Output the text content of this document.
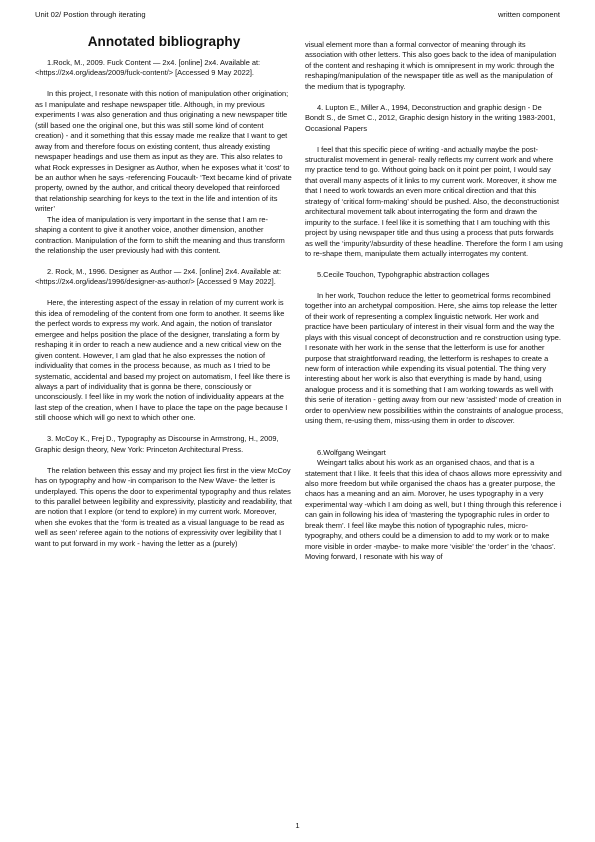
Unit 02/ Postion through iterating	written component
Annotated bibliography

1.Rock, M., 2009. Fuck Content — 2x4. [online] 2x4. Available at: <https://2x4.org/ideas/2009/fuck-content/> [Accessed 9 May 2022].

In this project, I resonate with this notion of manipulation other origination; as I manipulate and reshape newspaper title. Although, in my previous experiments I was also generation and thus originating a new newspaper title (still based one the original one, but this was still some kind of content creation) - and it something that this essay made me realize that I want to get away from and therefore focus on existing content, thus already existing newspaper headings and use them as input as they are. This also relates to what Rock expresses in Designer as Author, when he exposes what it ‘cost’ to be an author when he says -referencing Foucault- ‘Text became kind of private property, owned by the author, and critical theory developed that reinforced that relationship searching for keys to the text in the life and intention of its writer’

The idea of manipulation is very important in the sense that I am re-shaping a content to give it another voice, another dimension, another contraction. Manipulation of the form to shift the meaning and thus transform the relationship the user previously had with this content.

2. Rock, M., 1996. Designer as Author — 2x4. [online] 2x4. Available at: <https://2x4.org/ideas/1996/designer-as-author/> [Accessed 9 May 2022].

Here, the interesting aspect of the essay in relation of my current work is this idea of remodeling of the content from one form to another. It seems like the perfect words to express my work. And again, the notion of translator emergee and helps position the place of the designer, translating a form by reshaping it in order to reach a new audience and a new critical view on the given content. However, I am glad that he also expresses the notion of individuality that comes in the process because, as much as I tried to be systematic, accidental and based my project on automatism, I feel like there is always a part of individuality that is gonna be there, consciously or unconsciously. I feel like in my work the notion of individuality appears at the last step of the creation, when I have to place the tape on the page because I still choose which will go next to which other one.

3. McCoy K., Frej D., Typography as Discourse in Armstrong, H., 2009, Graphic design theory, New York: Princeton Architectural Press.

The relation between this essay and my project lies first in the view McCoy has on typography and how -in comparison to the New Wave- the letter is underplayed. This opens the door to experimental typography and thus relates to this parallel between legibility and expressivity, plasticity and readability, that are notion that I explore (or tend to explore) in my current work. Moreover, when she evokes that the ‘form is treated as a visual language to be read as well as seen’ referee again to the notions of expressivity over legibility that I want to put forward in my work - having the letter as a (purely)

visual element more than a formal convector of meaning through its association with other letters. This also goes back to the idea of manipulation of the content and reshaping it which is omnipresent in my work: through the reshaping/manipulation of the newspaper title as well as the manipulation of the medium that is typography.

4. Lupton E., Miller A., 1994, Deconstruction and graphic design - De Bondt S., de Smet C., 2012, Graphic design history in the writing 1983-2001, Occasional Papers

I feel that this specific piece of writing -and actually maybe the post-structuralist movement in general- really reflects my current work and where my practice tend to go. Without going back on it point per point, I would say that overall many aspects of it links to my current work. Moreover, it show me that I need to work towards an even more critical direction and that this strategy of ‘critical form-making’ should be pushed. Also, the deconstructionist architectural movement talk about interrogating the form and drawn the impurity to the surface. I feel like it is something that I am touching with this project by using newspaper title and thus using a process that puts forwards as well the ‘impurity’/absurdity of these headline. Therefore the form I am using to re-shape them, manipulate them actually interrogates my content.

5.Cecile Touchon, Typohgraphic abstraction collages

In her work, Touchon reduce the letter to geometrical forms recombined together into an archetypal composition. Here, she aims top release the letter of their work of representing a complex linguistic network. Her work and practice have been particulary of interest in their visual form and the way the plays with this visual concept of deconstruction and re construction using type. I resonate with her work in the sense that the letterform is use for another purpose that straightforward reading, the letterform is reshapes to create a new form of interaction while expending its visual potential. The thing very interesting about her work is also that everything is made by hand, using analogue process and it is something that I am working towards as well with this serie of iteration - getting away from our new ‘assisted’ mode of creation in order to open/view new possibilities within the constraints of analogue process, using them, re-using them, miss-using them in order to discover.

6.Wolfgang Weingart

Weingart talks about his work as an organised chaos, and that is a statement that I like. It feels that this idea of chaos allows more epressivity and also more freedom but while organised the chaos has a greater purpose, the chaos has a meaning and an aim. Morover, he uses typography in a very experimental way -which I am doing as well, but I thing through this reference i can gain in following his idea of ‘mastering the typographic rules in order to break them’. I feel like maybe this notion of typographic rules, micro-typography, and others could be a dimension to add to my work or to make more visible in order -maybe- to make more ‘visible’ the ‘order’ in the ‘chaos’. Moving forward, I resonate with his way of

1
